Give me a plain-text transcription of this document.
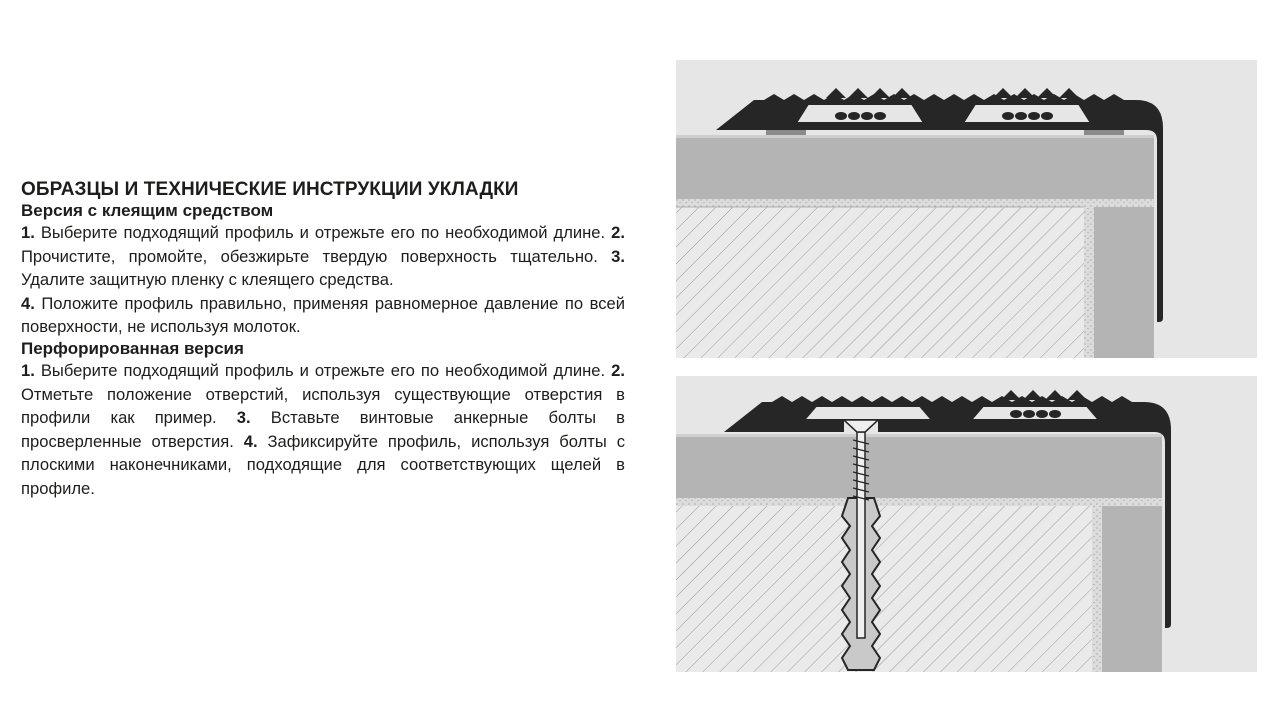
ОБРАЗЦЫ И ТЕХНИЧЕСКИЕ ИНСТРУКЦИИ УКЛАДКИ
Версия с клеящим средством

1. Выберите подходящий профиль и отрежьте его по необходимой длине. 2. Прочистите, промойте, обезжирьте твердую поверхность тщательно. 3. Удалите защитную пленку с клеящего средства.

4. Положите профиль правильно, применяя равномерное давление по всей поверхности, не используя молоток.

Перфорированная версия

1. Выберите подходящий профиль и отрежьте его по необходимой длине. 2. Отметьте положение отверстий, используя существующие отверстия в профили как пример. 3. Вставьте винтовые анкерные болты в просверленные отверстия. 4. Зафиксируйте профиль, используя болты с плоскими наконечниками, подходящие для соответствующих щелей в профиле.
